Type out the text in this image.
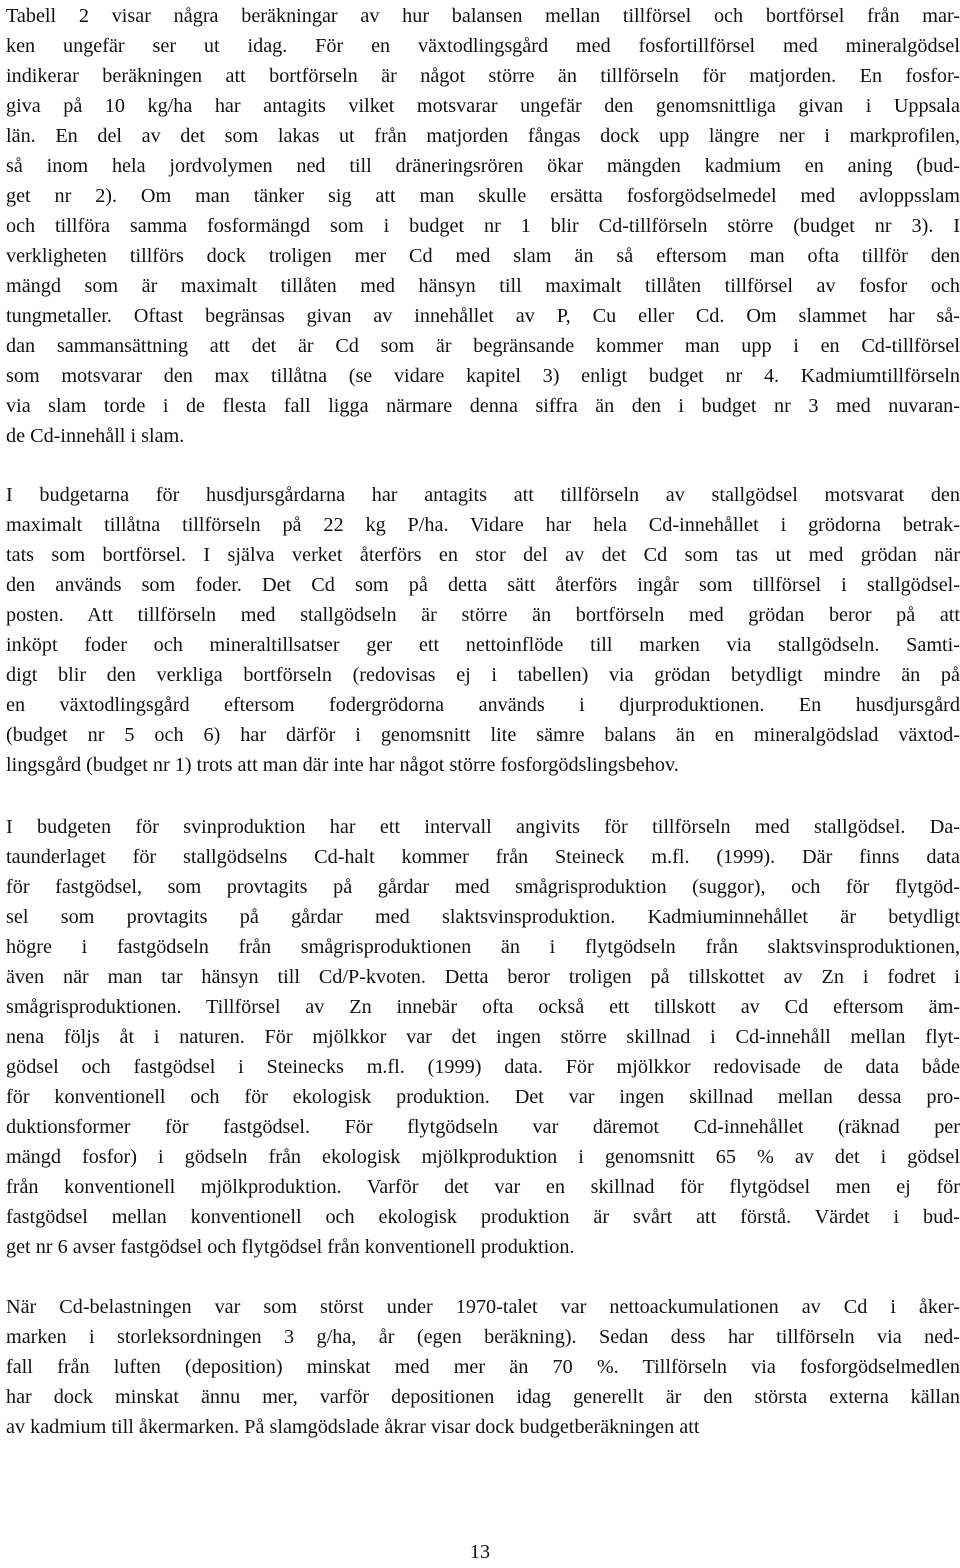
Tabell 2 visar några beräkningar av hur balansen mellan tillförsel och bortförsel från mar-
ken ungefär ser ut idag. För en växtodlingsgård med fosfortillförsel med mineralgödsel
indikerar beräkningen att bortförseln är något större än tillförseln för matjorden. En fosfor-
giva på 10 kg/ha har antagits vilket motsvarar ungefär den genomsnittliga givan i Uppsala
län. En del av det som lakas ut från matjorden fångas dock upp längre ner i markprofilen,
så inom hela jordvolymen ned till dräneringsrören ökar mängden kadmium en aning (bud-
get nr 2). Om man tänker sig att man skulle ersätta fosforgödselmedel med avloppsslam
och tillföra samma fosformängd som i budget nr 1 blir Cd-tillförseln större (budget nr 3). I
verkligheten tillförs dock troligen mer Cd med slam än så eftersom man ofta tillför den
mängd som är maximalt tillåten med hänsyn till maximalt tillåten tillförsel av fosfor och
tungmetaller. Oftast begränsas givan av innehållet av P, Cu eller Cd. Om slammet har så-
dan sammansättning att det är Cd som är begränsande kommer man upp i en Cd-tillförsel
som motsvarar den max tillåtna (se vidare kapitel 3) enligt budget nr 4. Kadmiumtillförseln
via slam torde i de flesta fall ligga närmare denna siffra än den i budget nr 3 med nuvaran-
de Cd-innehåll i slam.
I budgetarna för husdjursgårdarna har antagits att tillförseln av stallgödsel motsvarat den
maximalt tillåtna tillförseln på 22 kg P/ha. Vidare har hela Cd-innehållet i grödorna betrak-
tats som bortförsel. I själva verket återförs en stor del av det Cd som tas ut med grödan när
den används som foder. Det Cd som på detta sätt återförs ingår som tillförsel i stallgödsel-
posten. Att tillförseln med stallgödseln är större än bortförseln med grödan beror på att
inköpt foder och mineraltillsatser ger ett nettoinflöde till marken via stallgödseln. Samti-
digt blir den verkliga bortförseln (redovisas ej i tabellen) via grödan betydligt mindre än på
en växtodlingsgård eftersom fodergrödorna används i djurproduktionen. En husdjursgård
(budget nr 5 och 6) har därför i genomsnitt lite sämre balans än en mineralgödslad växtod-
lingsgård (budget nr 1) trots att man där inte har något större fosforgödslingsbehov.
I budgeten för svinproduktion har ett intervall angivits för tillförseln med stallgödsel. Da-
taunderlaget för stallgödselns Cd-halt kommer från Steineck m.fl. (1999). Där finns data
för fastgödsel, som provtagits på gårdar med smågrisproduktion (suggor), och för flytgöd-
sel som provtagits på gårdar med slaktsvinsproduktion. Kadmiuminnehållet är betydligt
högre i fastgödseln från smågrisproduktionen än i flytgödseln från slaktsvinsproduktionen,
även när man tar hänsyn till Cd/P-kvoten. Detta beror troligen på tillskottet av Zn i fodret i
smågrisproduktionen. Tillförsel av Zn innebär ofta också ett tillskott av Cd eftersom äm-
nena följs åt i naturen. För mjölkkor var det ingen större skillnad i Cd-innehåll mellan flyt-
gödsel och fastgödsel i Steinecks m.fl. (1999) data. För mjölkkor redovisade de data både
för konventionell och för ekologisk produktion. Det var ingen skillnad mellan dessa pro-
duktionsformer för fastgödsel. För flytgödseln var däremot Cd-innehållet (räknad per
mängd fosfor) i gödseln från ekologisk mjölkproduktion i genomsnitt 65 % av det i gödsel
från konventionell mjölkproduktion. Varför det var en skillnad för flytgödsel men ej för
fastgödsel mellan konventionell och ekologisk produktion är svårt att förstå. Värdet i bud-
get nr 6 avser fastgödsel och flytgödsel från konventionell produktion.
När Cd-belastningen var som störst under 1970-talet var nettoackumulationen av Cd i åker-
marken i storleksordningen 3 g/ha, år (egen beräkning). Sedan dess har tillförseln via ned-
fall från luften (deposition) minskat med mer än 70 %. Tillförseln via fosforgödselmedlen
har dock minskat ännu mer, varför depositionen idag generellt är den största externa källan
av kadmium till åkermarken. På slamgödslade åkrar visar dock budgetberäkningen att
13
